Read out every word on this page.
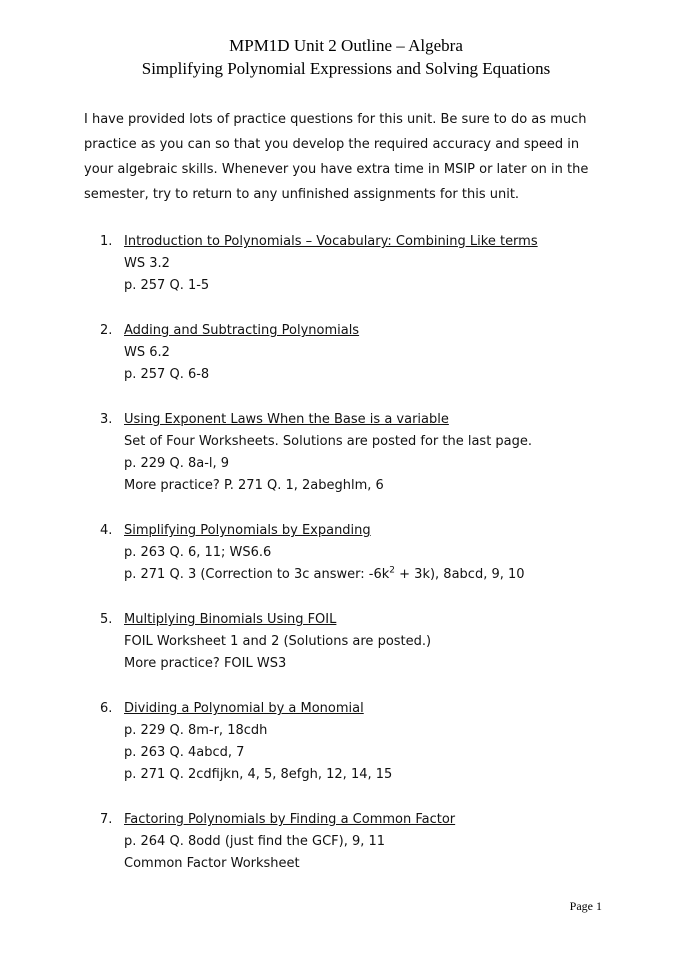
MPM1D Unit 2 Outline – Algebra
Simplifying Polynomial Expressions and Solving Equations

I have provided lots of practice questions for this unit. Be sure to do as much practice as you can so that you develop the required accuracy and speed in your algebraic skills. Whenever you have extra time in MSIP or later on in the semester, try to return to any unfinished assignments for this unit.

1. Introduction to Polynomials – Vocabulary: Combining Like terms
WS 3.2
p. 257 Q. 1-5
2. Adding and Subtracting Polynomials
WS 6.2
p. 257 Q. 6-8
3. Using Exponent Laws When the Base is a variable
Set of Four Worksheets. Solutions are posted for the last page.
p. 229 Q. 8a-l, 9
More practice? P. 271 Q. 1, 2abeghlm, 6
4. Simplifying Polynomials by Expanding
p. 263 Q. 6, 11; WS6.6
p. 271 Q. 3 (Correction to 3c answer: $-6k^2 + 3k$), 8abcd, 9, 10
5. Multiplying Binomials Using FOIL
FOIL Worksheet 1 and 2 (Solutions are posted.)
More practice? FOIL WS3
6. Dividing a Polynomial by a Monomial
p. 229 Q. 8m-r, 18cdh
p. 263 Q. 4abcd, 7
p. 271 Q. 2cdfijkn, 4, 5, 8efgh, 12, 14, 15
7. Factoring Polynomials by Finding a Common Factor
p. 264 Q. 8odd (just find the GCF), 9, 11
Common Factor Worksheet
Page 1
